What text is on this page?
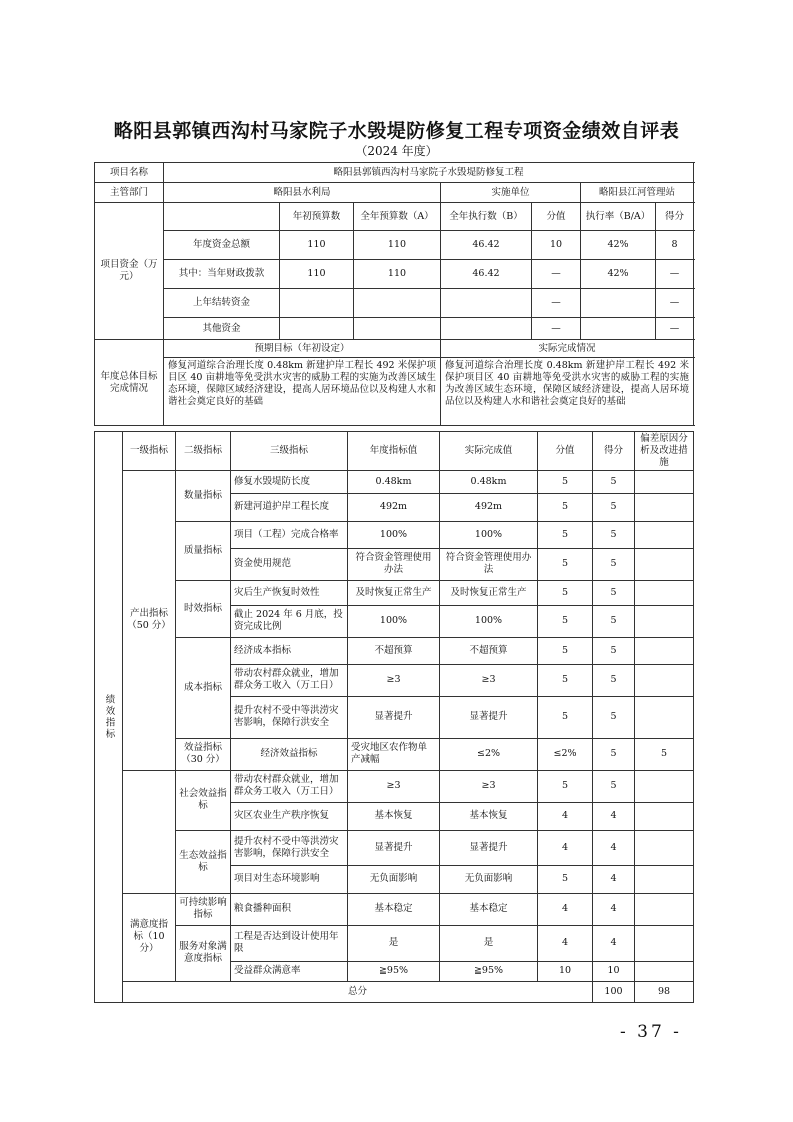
略阳县郭镇西沟村马家院子水毁堤防修复工程专项资金绩效自评表
（2024 年度）
项目名称	略阳县郭镇西沟村马家院子水毁堤防修复工程						
主管部门	略阳县水利局			实施单位		略阳县江河管理站	
项目资金（万元）		年初预算数	全年预算数（A）	全年执行数（B）	分值	执行率（B/A）	得分
	年度资金总额	110	110	46.42	10	42%	8
	其中：当年财政拨款	110	110	46.42	—	42%	—
	上年结转资金				—		—
	其他资金				—		—
年度总体目标完成情况	预期目标（年初设定）			实际完成情况			
	修复河道综合治理长度 0.48km 新建护岸工程长 492 米保护项目区 40 亩耕地等免受洪水灾害的威胁工程的实施为改善区域生态环境，保障区域经济建设，提高人居环境品位以及构建人水和谐社会奠定良好的基础			修复河道综合治理长度 0.48km 新建护岸工程长 492 米保护项目区 40 亩耕地等免受洪水灾害的威胁工程的实施为改善区域生态环境，保障区域经济建设，提高人居环境品位以及构建人水和谐社会奠定良好的基础			
绩效指标	一级指标	二级指标	三级指标	年度指标值	实际完成值	分值	得分	偏差原因分析及改进措施	
	产出指标（50 分）	数量指标	修复水毁堤防长度	0.48km	0.48km	5	5		
			新建河道护岸工程长度	492m	492m	5	5		
		质量指标	项目（工程）完成合格率	100%	100%	5	5		
			资金使用规范	符合资金管理使用办法	符合资金管理使用办法	5	5		
		时效指标	灾后生产恢复时效性	及时恢复正常生产	及时恢复正常生产	5	5		
			截止 2024 年 6 月底，投资完成比例	100%	100%	5	5		
		成本指标	经济成本指标	不超预算	不超预算	5	5		
			带动农村群众就业，增加群众务工收入（万工日）	≥3	≥3	5	5		
			提升农村不受中等洪涝灾害影响，保障行洪安全	显著提升	显著提升	5	5		
		效益指标（30 分）	经济效益指标	受灾地区农作物单产减幅	≤2%	≤2%	5	5	
		社会效益指标	带动农村群众就业，增加群众务工收入（万工日）	≥3	≥3	5	5		
			灾区农业生产秩序恢复	基本恢复	基本恢复	4	4		
		生态效益指标	提升农村不受中等洪涝灾害影响，保障行洪安全	显著提升	显著提升	4	4		
			项目对生态环境影响	无负面影响	无负面影响	5	4		
	满意度指标（10 分）	可持续影响指标	粮食播种面积	基本稳定	基本稳定	4	4		
		服务对象满意度指标	工程是否达到设计使用年限	是	是	4	4		
			受益群众满意率	≧95%	≧95%	10	10		
	总分						100	98	
- 37 -
